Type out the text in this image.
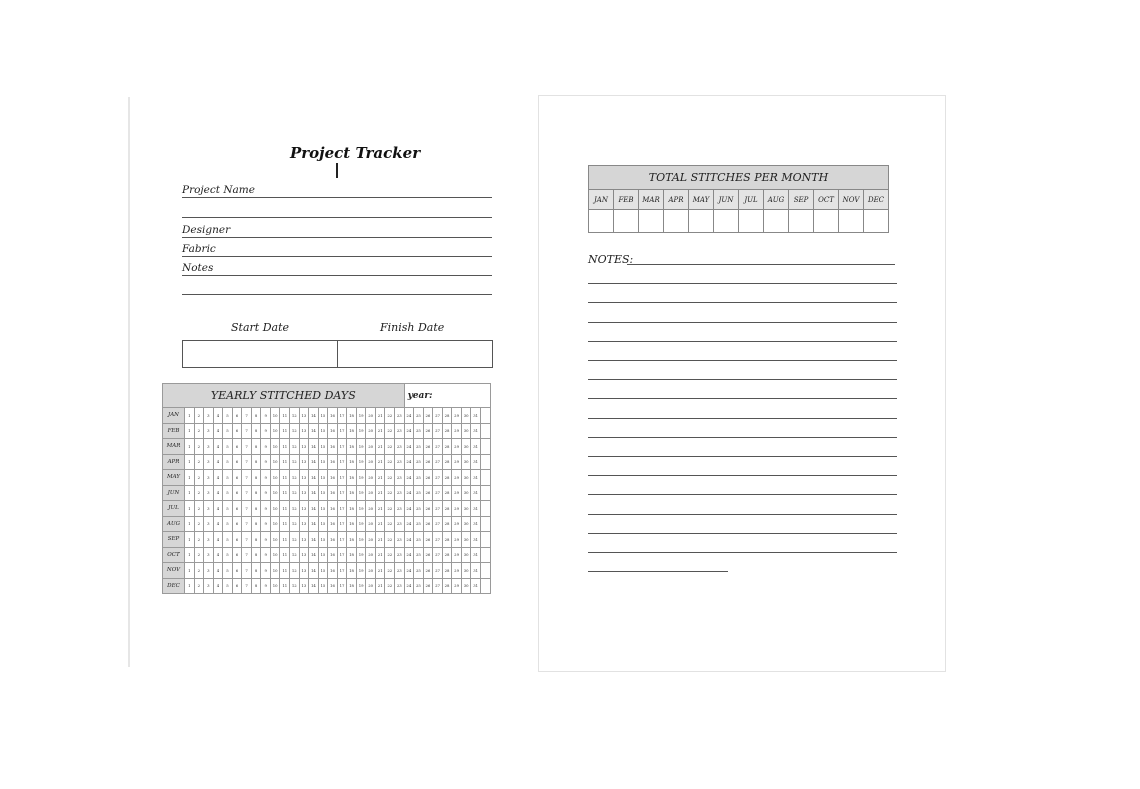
Project Tracker
Project Name
Designer
Fabric
Notes
Start Date	Finish Date
YEARLY STITCHED DAYS																								year:								
JAN	1	2	3	4	5	6	7	8	9	10	11	12	13	14	15	16	17	18	19	20	21	22	23	24	25	26	27	28	29	30	31	
FEB	1	2	3	4	5	6	7	8	9	10	11	12	13	14	15	16	17	18	19	20	21	22	23	24	25	26	27	28	29	30	31	
MAR	1	2	3	4	5	6	7	8	9	10	11	12	13	14	15	16	17	18	19	20	21	22	23	24	25	26	27	28	29	30	31	
APR	1	2	3	4	5	6	7	8	9	10	11	12	13	14	15	16	17	18	19	20	21	22	23	24	25	26	27	28	29	30	31	
MAY	1	2	3	4	5	6	7	8	9	10	11	12	13	14	15	16	17	18	19	20	21	22	23	24	25	26	27	28	29	30	31	
JUN	1	2	3	4	5	6	7	8	9	10	11	12	13	14	15	16	17	18	19	20	21	22	23	24	25	26	27	28	29	30	31	
JUL	1	2	3	4	5	6	7	8	9	10	11	12	13	14	15	16	17	18	19	20	21	22	23	24	25	26	27	28	29	30	31	
AUG	1	2	3	4	5	6	7	8	9	10	11	12	13	14	15	16	17	18	19	20	21	22	23	24	25	26	27	28	29	30	31	
SEP	1	2	3	4	5	6	7	8	9	10	11	12	13	14	15	16	17	18	19	20	21	22	23	24	25	26	27	28	29	30	31	
OCT	1	2	3	4	5	6	7	8	9	10	11	12	13	14	15	16	17	18	19	20	21	22	23	24	25	26	27	28	29	30	31	
NOV	1	2	3	4	5	6	7	8	9	10	11	12	13	14	15	16	17	18	19	20	21	22	23	24	25	26	27	28	29	30	31	
DEC	1	2	3	4	5	6	7	8	9	10	11	12	13	14	15	16	17	18	19	20	21	22	23	24	25	26	27	28	29	30	31	
TOTAL STITCHES PER MONTH											
JAN	FEB	MAR	APR	MAY	JUN	JUL	AUG	SEP	OCT	NOV	DEC

NOTES:
